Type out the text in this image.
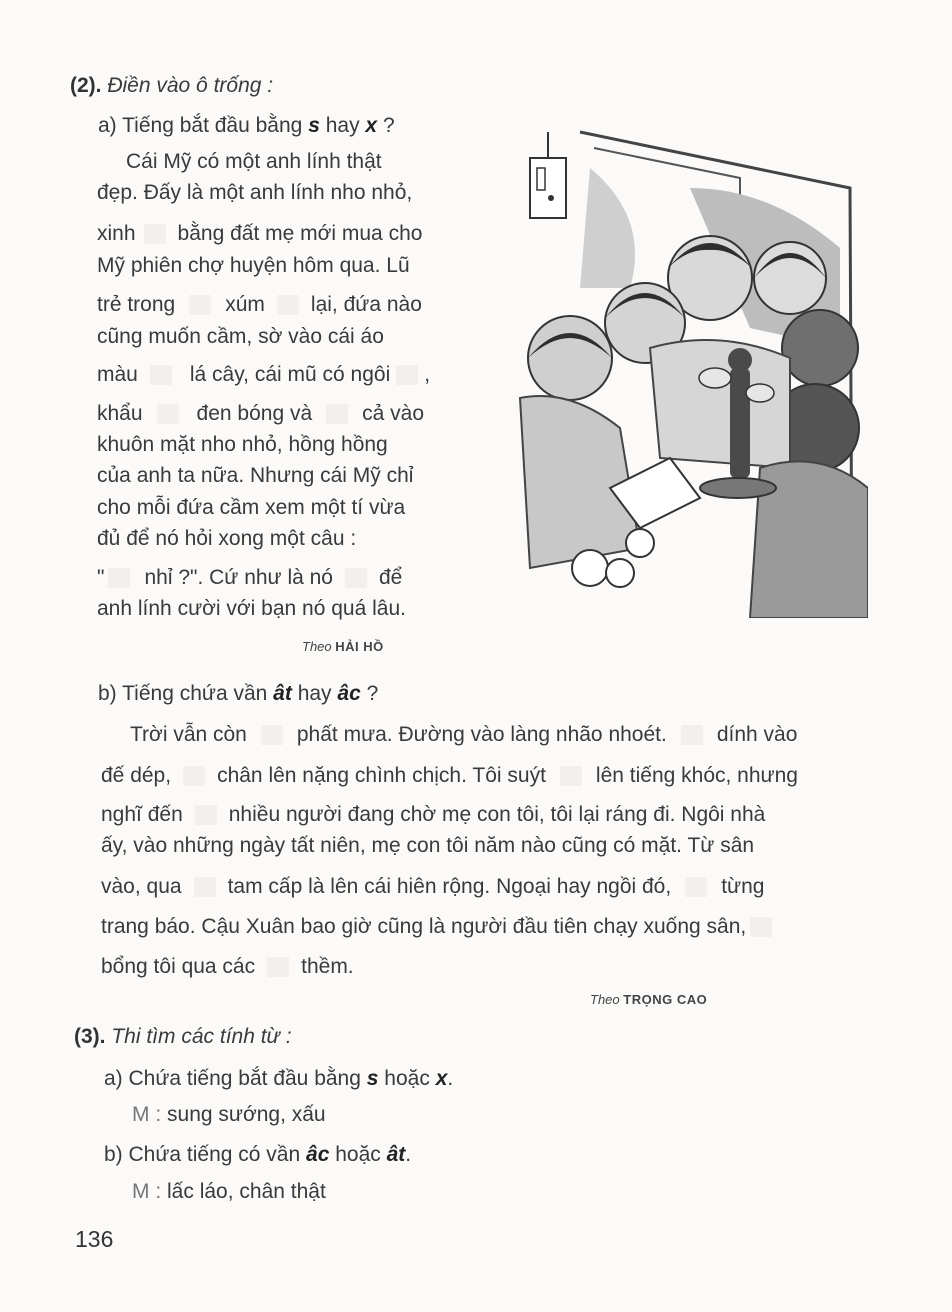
(2). Điền vào ô trống :
a) Tiếng bắt đầu bằng s hay x ?
Cái Mỹ có một anh lính thật
đẹp. Đấy là một anh lính nho nhỏ,
xinh bằng đất mẹ mới mua cho
Mỹ phiên chợ huyện hôm qua. Lũ
trẻ trong xúm lại, đứa nào
cũng muốn cầm, sờ vào cái áo
màu lá cây, cái mũ có ngôi ,
khẩu	đen bóng và cả vào
khuôn mặt nho nhỏ, hồng hồng
của anh ta nữa. Nhưng cái Mỹ chỉ
cho mỗi đứa cầm xem một tí vừa
đủ để nó hỏi xong một câu :
" nhỉ ?". Cứ như là nó để
anh lính cười với bạn nó quá lâu.
Theo HẢI HỒ
b) Tiếng chứa vần ât hay âc ?
Trời vẫn còn phất mưa. Đường vào làng nhão nhoét. dính vào
đế dép, chân lên nặng chình chịch. Tôi suýt lên tiếng khóc, nhưng
nghĩ đến nhiều người đang chờ mẹ con tôi, tôi lại ráng đi. Ngôi nhà
ấy, vào những ngày tất niên, mẹ con tôi năm nào cũng có mặt. Từ sân
vào, qua tam cấp là lên cái hiên rộng. Ngoại hay ngồi đó, từng
trang báo. Cậu Xuân bao giờ cũng là người đầu tiên chạy xuống sân,
bổng tôi qua các thềm.
Theo TRỌNG CAO
(3). Thi tìm các tính từ :
a) Chứa tiếng bắt đầu bằng s hoặc x.
M : sung sướng, xấu
b) Chứa tiếng có vần âc hoặc ât.
M : lấc láo, chân thật
136
